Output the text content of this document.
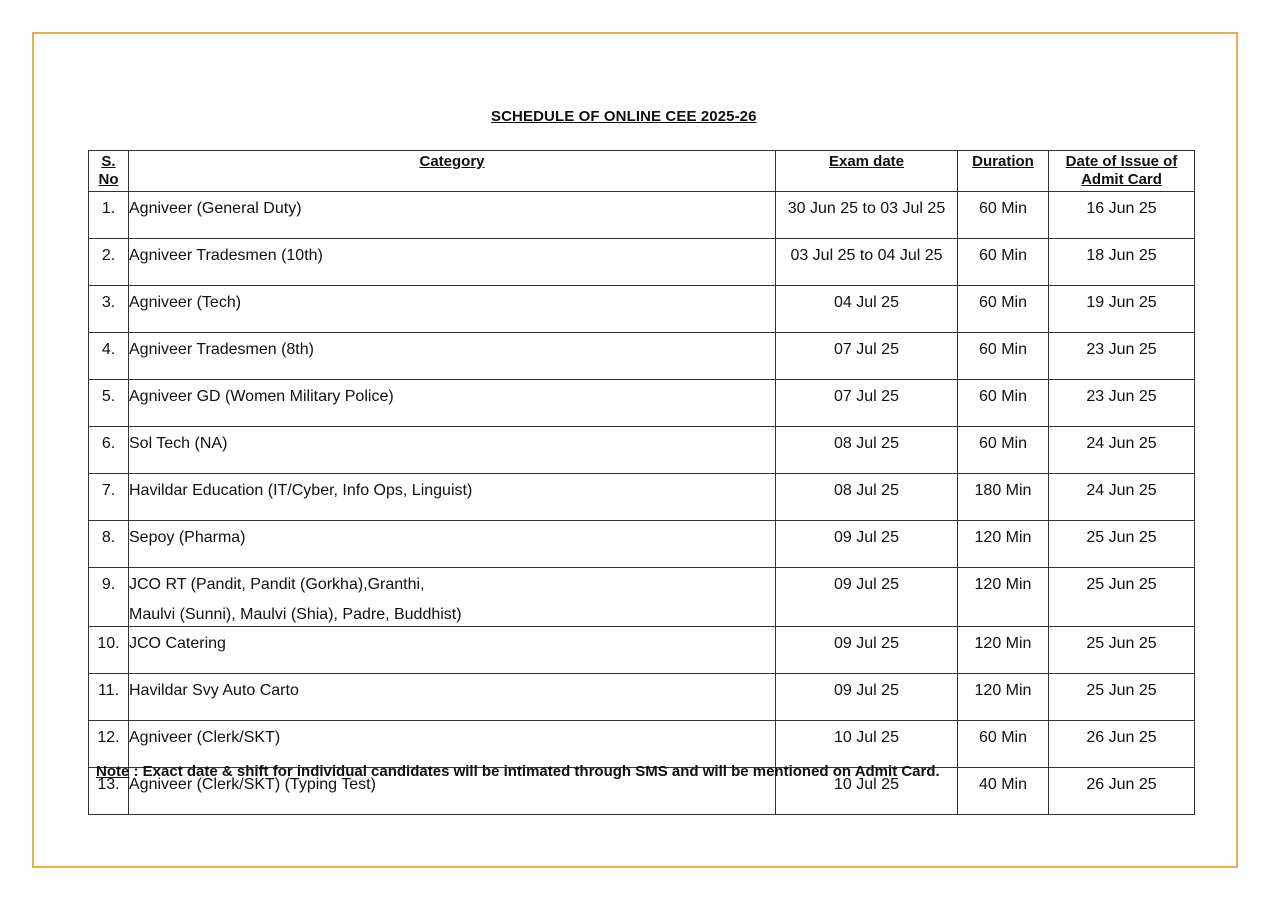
SCHEDULE OF ONLINE CEE 2025-26
S.
No	Category	Exam date	Duration	Date of Issue of
Admit Card
1.	Agniveer (General Duty)	30 Jun 25 to 03 Jul 25	60 Min	16 Jun 25
2.	Agniveer Tradesmen (10th)	03 Jul 25 to 04 Jul 25	60 Min	18 Jun 25
3.	Agniveer (Tech)	04 Jul 25	60 Min	19 Jun 25
4.	Agniveer Tradesmen (8th)	07 Jul 25	60 Min	23 Jun 25
5.	Agniveer GD (Women Military Police)	07 Jul 25	60 Min	23 Jun 25
6.	Sol Tech (NA)	08 Jul 25	60 Min	24 Jun 25
7.	Havildar Education (IT/Cyber, Info Ops, Linguist)	08 Jul 25	180 Min	24 Jun 25
8.	Sepoy (Pharma)	09 Jul 25	120 Min	25 Jun 25
9.	JCO RT (Pandit, Pandit (Gorkha),Granthi,
Maulvi (Sunni), Maulvi (Shia), Padre, Buddhist)	09 Jul 25	120 Min	25 Jun 25
10.	JCO Catering	09 Jul 25	120 Min	25 Jun 25
11.	Havildar Svy Auto Carto	09 Jul 25	120 Min	25 Jun 25
12.	Agniveer (Clerk/SKT)	10 Jul 25	60 Min	26 Jun 25
13.	Agniveer (Clerk/SKT) (Typing Test)	10 Jul 25	40 Min	26 Jun 25
Note : Exact date & shift for individual candidates will be intimated through SMS and will be mentioned on Admit Card.
